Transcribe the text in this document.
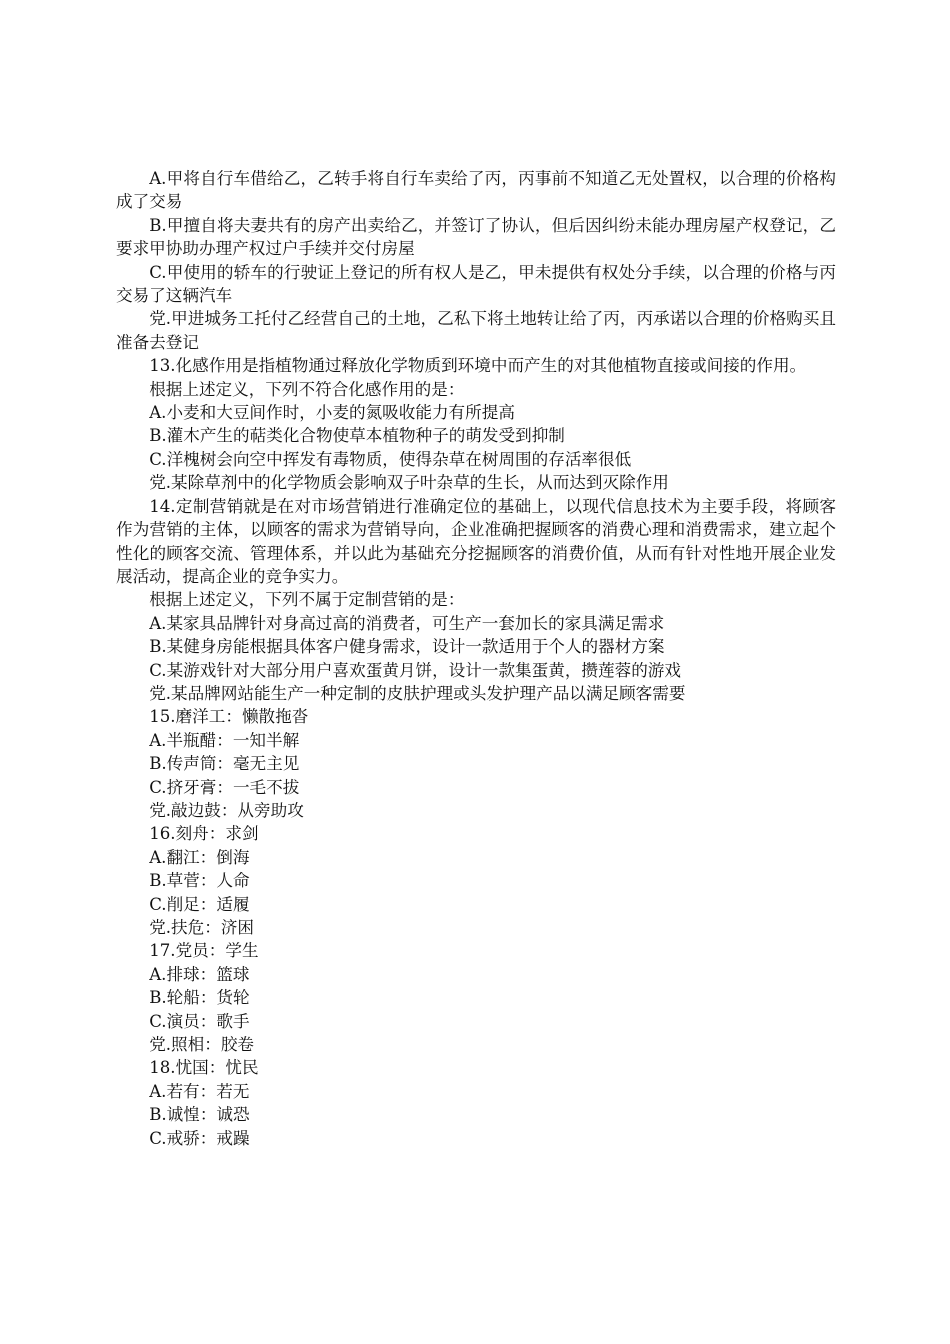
A.甲将自行车借给乙，乙转手将自行车卖给了丙，丙事前不知道乙无处置权，以合理的价格构成了交易

B.甲擅自将夫妻共有的房产出卖给乙，并签订了协认，但后因纠纷未能办理房屋产权登记，乙要求甲协助办理产权过户手续并交付房屋

C.甲使用的轿车的行驶证上登记的所有权人是乙，甲未提供有权处分手续，以合理的价格与丙交易了这辆汽车

党.甲进城务工托付乙经营自己的土地，乙私下将土地转让给了丙，丙承诺以合理的价格购买且准备去登记

13.化感作用是指植物通过释放化学物质到环境中而产生的对其他植物直接或间接的作用。

根据上述定义，下列不符合化感作用的是：

A.小麦和大豆间作时，小麦的氮吸收能力有所提高

B.灌木产生的萜类化合物使草本植物种子的萌发受到抑制

C.洋槐树会向空中挥发有毒物质，使得杂草在树周围的存活率很低

党.某除草剂中的化学物质会影响双子叶杂草的生长，从而达到灭除作用

14.定制营销就是在对市场营销进行准确定位的基础上，以现代信息技术为主要手段，将顾客作为营销的主体，以顾客的需求为营销导向，企业准确把握顾客的消费心理和消费需求，建立起个性化的顾客交流、管理体系，并以此为基础充分挖掘顾客的消费价值，从而有针对性地开展企业发展活动，提高企业的竞争实力。

根据上述定义，下列不属于定制营销的是：

A.某家具品牌针对身高过高的消费者，可生产一套加长的家具满足需求

B.某健身房能根据具体客户健身需求，设计一款适用于个人的器材方案

C.某游戏针对大部分用户喜欢蛋黄月饼，设计一款集蛋黄，攒莲蓉的游戏

党.某品牌网站能生产一种定制的皮肤护理或头发护理产品以满足顾客需要

15.磨洋工：懒散拖沓

A.半瓶醋：一知半解

B.传声筒：毫无主见

C.挤牙膏：一毛不拔

党.敲边鼓：从旁助攻

16.刻舟：求剑

A.翻江：倒海

B.草菅：人命

C.削足：适履

党.扶危：济困

17.党员：学生

A.排球：篮球

B.轮船：货轮

C.演员：歌手

党.照相：胶卷

18.忧国：忧民

A.若有：若无

B.诚惶：诚恐

C.戒骄：戒躁
